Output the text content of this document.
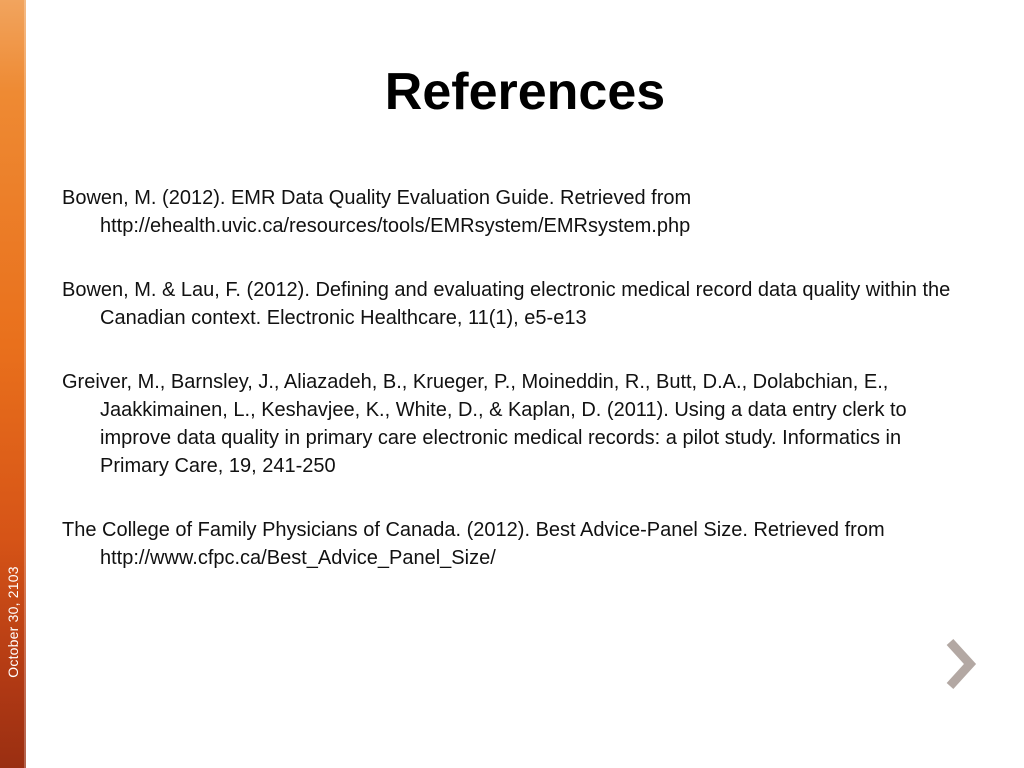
October 30, 2103
References
Bowen, M. (2012). EMR Data Quality Evaluation Guide. Retrieved from http://ehealth.uvic.ca/resources/tools/EMRsystem/EMRsystem.php
Bowen, M. & Lau, F. (2012). Defining and evaluating electronic medical record data quality within the Canadian context. Electronic Healthcare, 11(1), e5-e13
Greiver, M., Barnsley, J., Aliazadeh, B., Krueger, P., Moineddin, R., Butt, D.A., Dolabchian, E., Jaakkimainen, L., Keshavjee, K., White, D., & Kaplan, D. (2011). Using a data entry clerk to improve data quality in primary care electronic medical records: a pilot study. Informatics in Primary Care, 19, 241-250
The College of Family Physicians of Canada. (2012). Best Advice-Panel Size. Retrieved from http://www.cfpc.ca/Best_Advice_Panel_Size/
